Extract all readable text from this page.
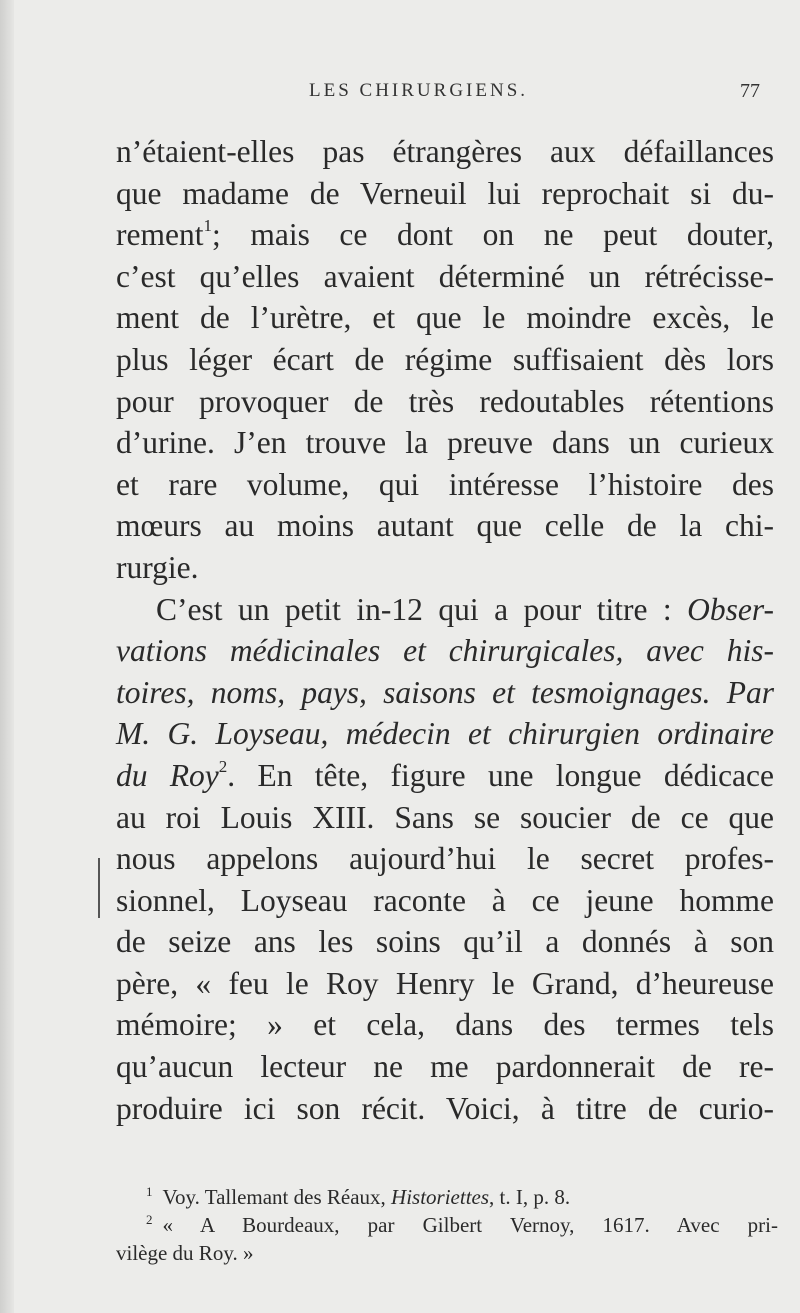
LES CHIRURGIENS.	77
n’étaient-elles pas étrangères aux défaillances
que madame de Verneuil lui reprochait si du-
rement$^1$; mais ce dont on ne peut douter,
c’est qu’elles avaient déterminé un rétrécisse-
ment de l’urètre, et que le moindre excès, le
plus léger écart de régime suffisaient dès lors
pour provoquer de très redoutables rétentions
d’urine. J’en trouve la preuve dans un curieux
et rare volume, qui intéresse l’histoire des
mœurs au moins autant que celle de la chi-
rurgie.
C’est un petit in-12 qui a pour titre : Obser-
vations médicinales et chirurgicales, avec his-
toires, noms, pays, saisons et tesmoignages. Par
M. G. Loyseau, médecin et chirurgien ordinaire
du Roy$^2$. En tête, figure une longue dédicace
au roi Louis XIII. Sans se soucier de ce que
nous appelons aujourd’hui le secret profes-
sionnel, Loyseau raconte à ce jeune homme
de seize ans les soins qu’il a donnés à son
père, « feu le Roy Henry le Grand, d’heureuse
mémoire; » et cela, dans des termes tels
qu’aucun lecteur ne me pardonnerait de re-
produire ici son récit. Voici, à titre de curio-
$^1$ Voy. Tallemant des Réaux, Historiettes, t. I, p. 8.
$^2$ « A Bourdeaux, par Gilbert Vernoy, 1617. Avec pri-
vilège du Roy. »
